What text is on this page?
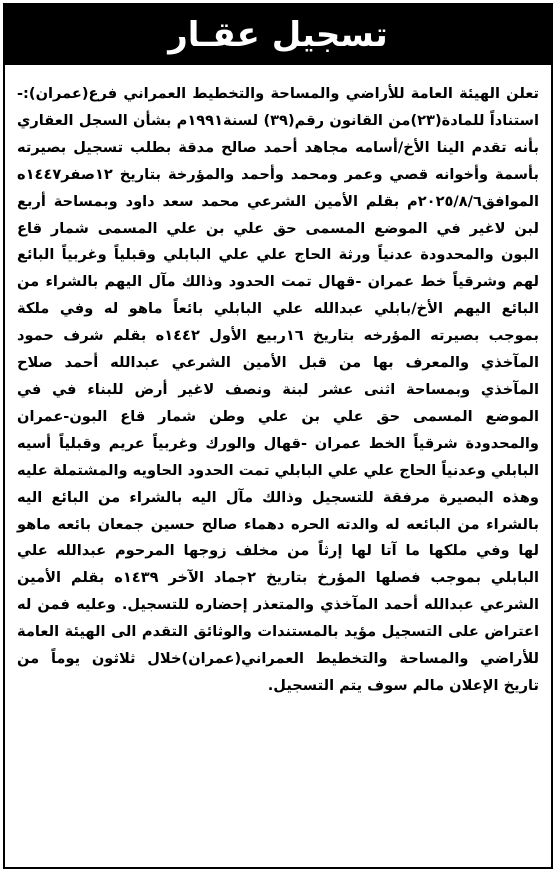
تسجيل عقـار

تعلن الهيئة العامة للأراضي والمساحة والتخطيط العمراني فرع(عمران):-استناداً للمادة(٢٣)من القانون رقم(٣٩) لسنة١٩٩١م بشأن السجل العقاري بأنه تقدم الينا الأخ/أسامه مجاهد أحمد صالح مدقة بطلب تسجيل بصيرته بأسمة وأخوانه قصي وعمر ومحمد وأحمد والمؤرخة بتاريخ ١٢صفر١٤٤٧ه الموافق٢٠٢٥/٨/٦م بقلم الأمين الشرعي محمد سعد داود وبمساحة أربع لبن لاغير في الموضع المسمى حق علي بن علي المسمى شمار قاع البون والمحدودة عدنياً ورثة الحاج علي علي البابلي وقبلياً وغربياً البائع لهم وشرقياً خط عمران -قهال تمت الحدود وذالك مآل اليهم بالشراء من البائع اليهم الأخ/بابلي عبدالله علي البابلي بائعاً ماهو له وفي ملكة بموجب بصيرته المؤرخه بتاريخ ١٦ربيع الأول ١٤٤٢ه بقلم شرف حمود المآخذي والمعرف بها من قبل الأمين الشرعي عبدالله أحمد صلاح المآخذي وبمساحة اثنى عشر لبنة ونصف لاغير أرض للبناء في في الموضع المسمى حق علي بن علي وطن شمار قاع البون-عمران والمحدودة شرقياً الخط عمران -قهال والورك وغربياً عريم وقبلياً أسيه البابلي وعدنياً الحاج علي علي البابلي تمت الحدود الحاويه والمشتملة عليه وهذه البصيرة مرفقة للتسجيل وذالك مآل اليه بالشراء من البائع اليه بالشراء من البائعه له والدته الحره دهماء صالح حسين جمعان بائعه ماهو لها وفي ملكها ما آتا لها إرثاً من مخلف زوجها المرحوم عبدالله علي البابلي بموجب فصلها المؤرخ بتاريخ ٢جماد الآخر ١٤٣٩ه بقلم الأمين الشرعي عبدالله أحمد المآخذي والمتعذر إحضاره للتسجيل. وعليه فمن له اعتراض على التسجيل مؤيد بالمستندات والوثائق التقدم الى الهيئة العامة للأراضي والمساحة والتخطيط العمراني(عمران)خلال ثلاثون يوماً من تاريخ الإعلان مالم سوف يتم التسجيل.
